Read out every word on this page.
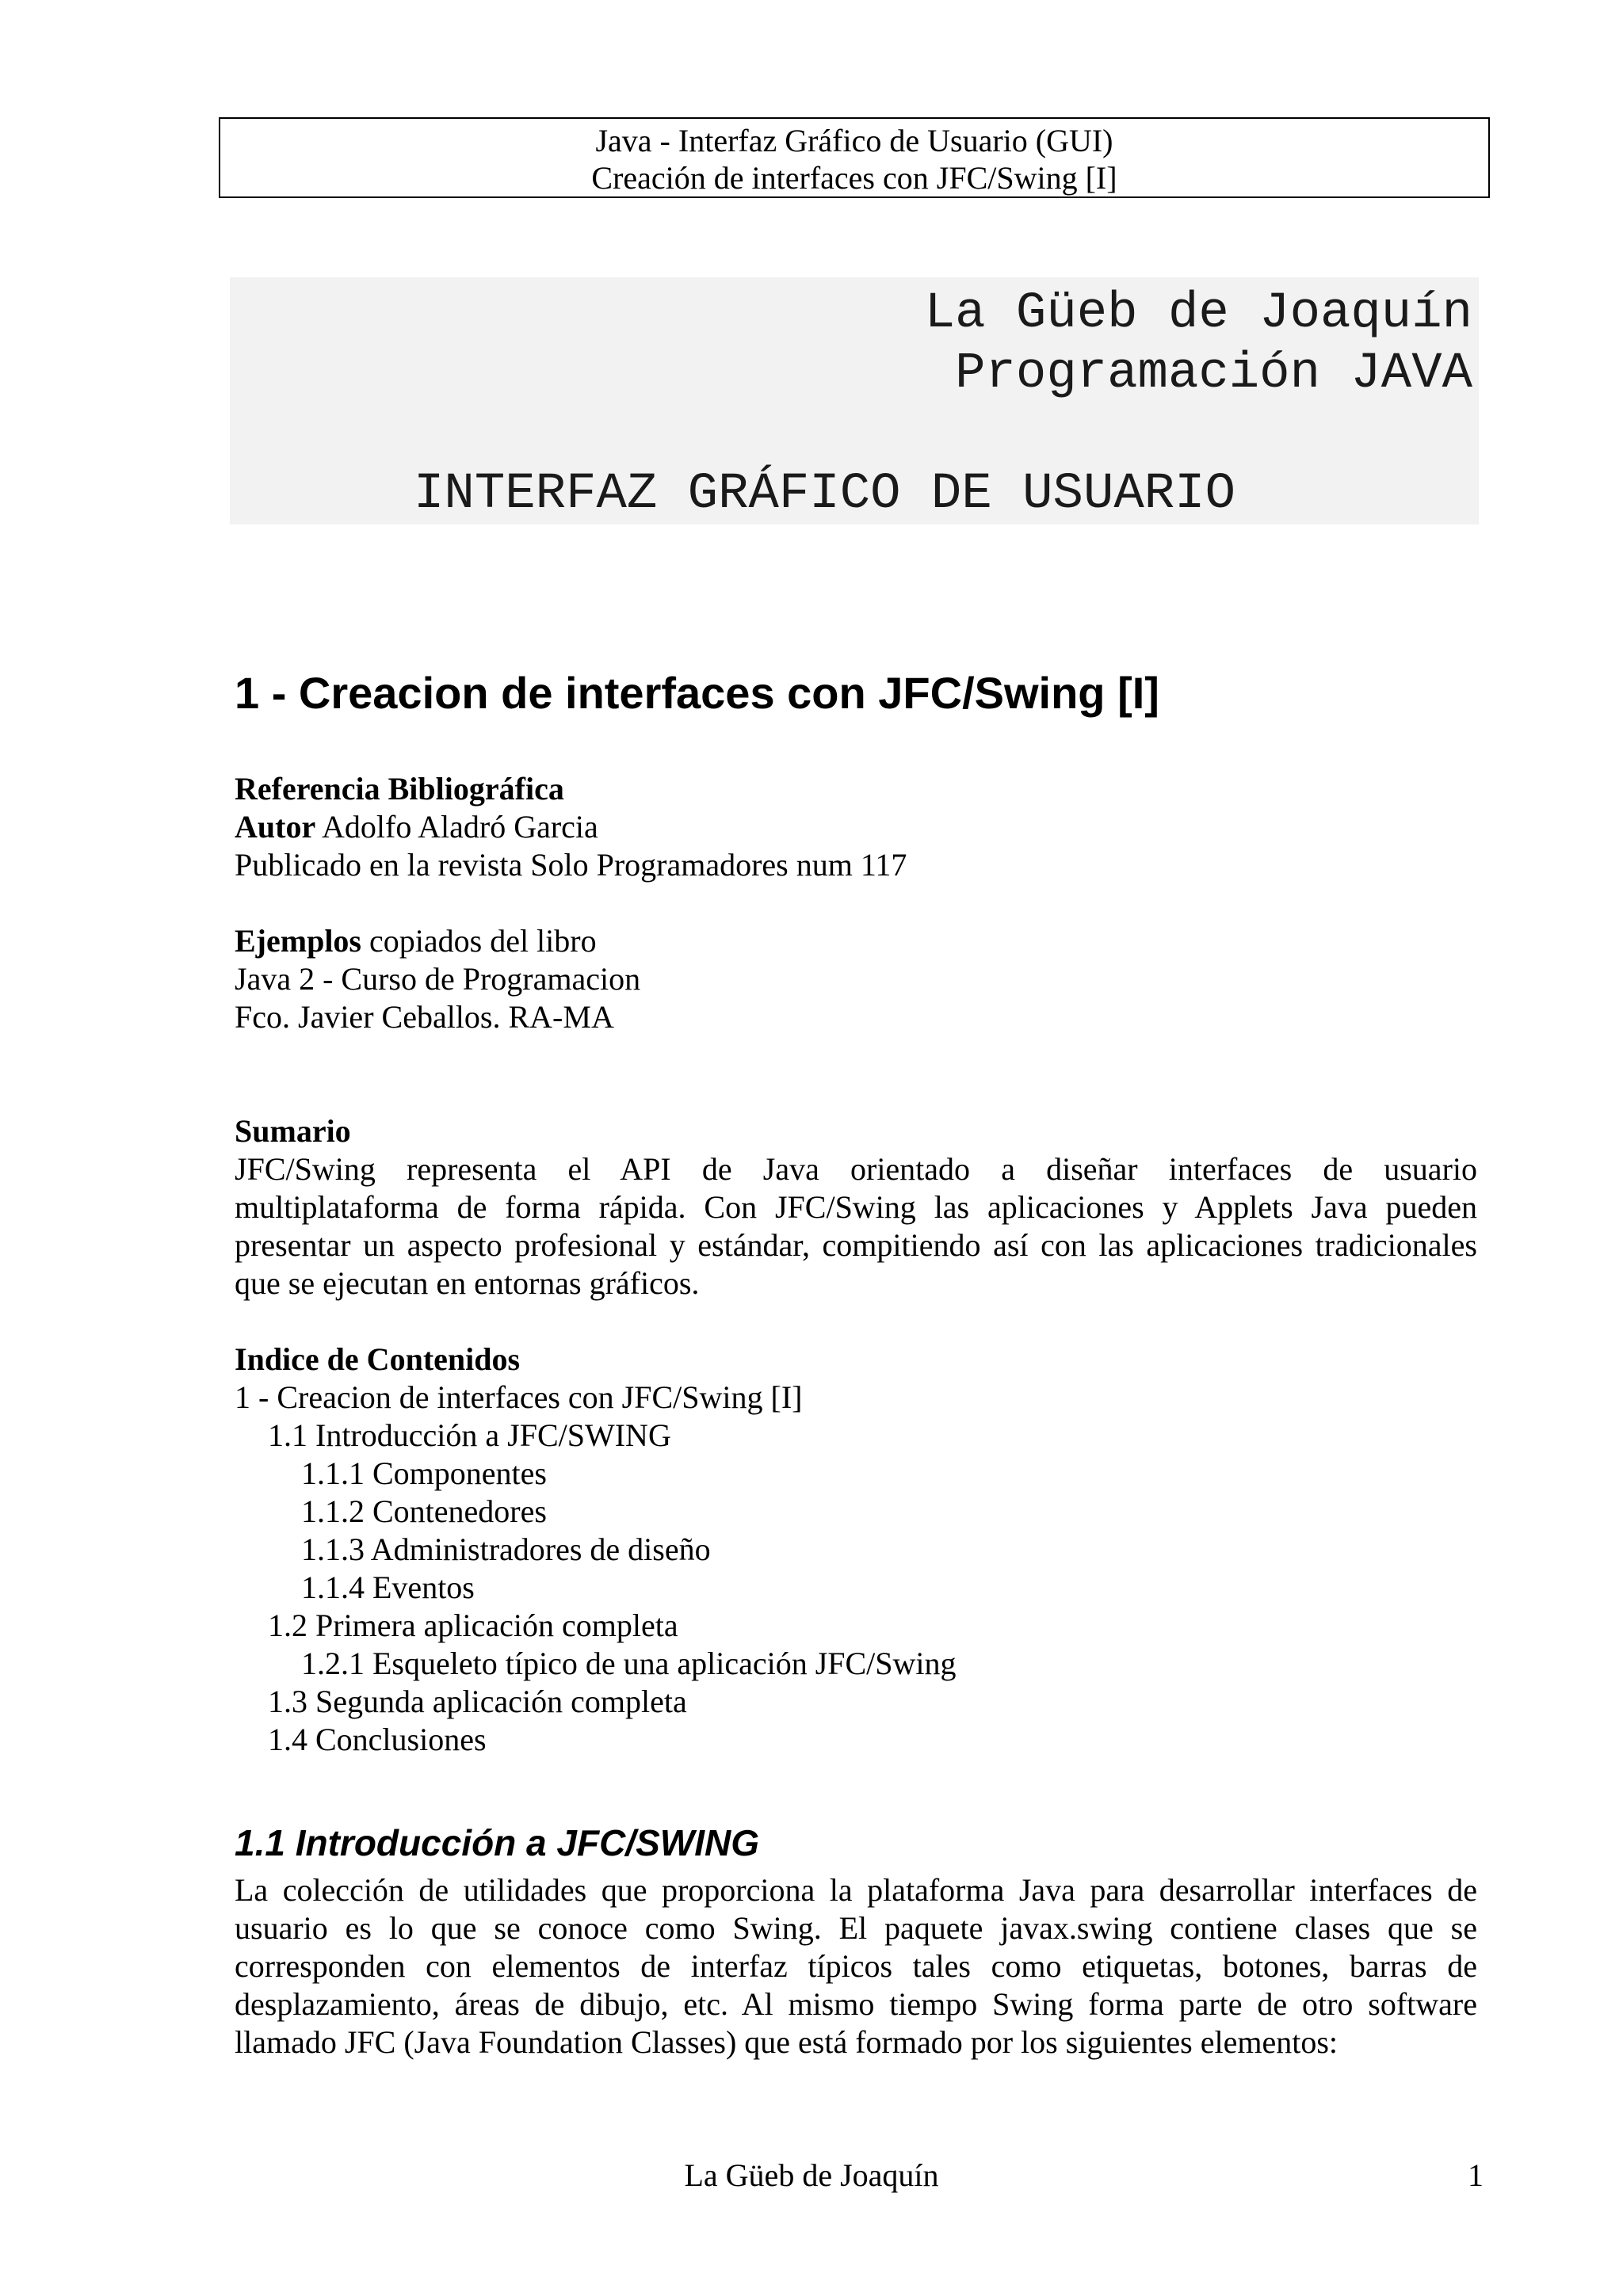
Java - Interfaz Gráfico de Usuario (GUI)
Creación de interfaces con JFC/Swing [I]
La Güeb de Joaquín
Programación JAVA
INTERFAZ GRÁFICO DE USUARIO
1 - Creacion de interfaces con JFC/Swing [I]
Referencia Bibliográfica
Autor Adolfo Aladró Garcia
Publicado en la revista Solo Programadores num 117
Ejemplos copiados del libro
Java 2 - Curso de Programacion
Fco. Javier Ceballos. RA-MA
Sumario
JFC/Swing representa el API de Java orientado a diseñar interfaces de usuario
multiplataforma de forma rápida. Con JFC/Swing las aplicaciones y Applets Java pueden
presentar un aspecto profesional y estándar, compitiendo así con las aplicaciones tradicionales
que se ejecutan en entornas gráficos.
Indice de Contenidos
1 - Creacion de interfaces con JFC/Swing [I]
1.1 Introducción a JFC/SWING
1.1.1 Componentes
1.1.2 Contenedores
1.1.3 Administradores de diseño
1.1.4 Eventos
1.2 Primera aplicación completa
1.2.1 Esqueleto típico de una aplicación JFC/Swing
1.3 Segunda aplicación completa
1.4 Conclusiones
1.1 Introducción a JFC/SWING
La colección de utilidades que proporciona la plataforma Java para desarrollar interfaces de
usuario es lo que se conoce como Swing. El paquete javax.swing contiene clases que se
corresponden con elementos de interfaz típicos tales como etiquetas, botones, barras de
desplazamiento, áreas de dibujo, etc. Al mismo tiempo Swing forma parte de otro software
llamado JFC (Java Foundation Classes) que está formado por los siguientes elementos:
La Güeb de Joaquín	1
